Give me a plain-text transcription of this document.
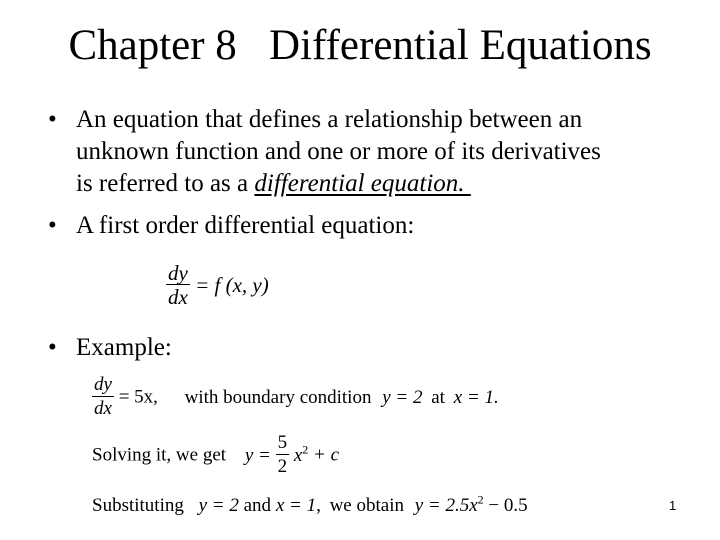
Chapter 8   Differential Equations
• An equation that defines a relationship between an
unknown function and one or more of its derivatives
is referred to as a differential equation.
• A first order differential equation:
$\frac{dy}{dx} = f$ (x, y)
• Example:
$\frac{dy}{dx} = 5x$, with boundary condition y = 2 at x = 1.
Solving it, we get $y = \frac{5}{2} x^2 + c$
Substituting y = 2 and x = 1, we obtain $y = 2.5x^2 - 0.5$	1
